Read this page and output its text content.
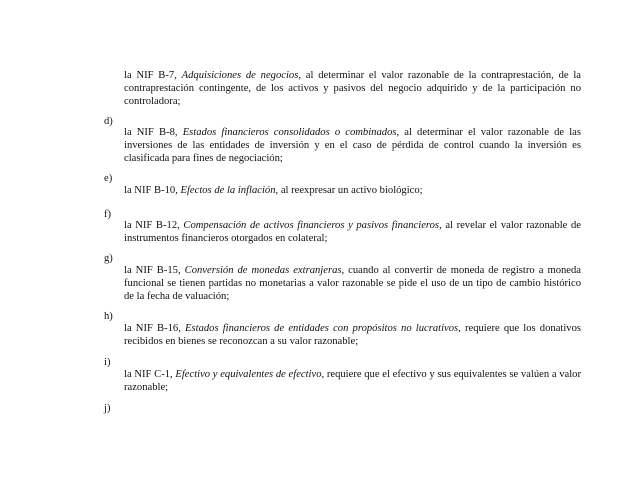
la NIF B-7, Adquisiciones de negocios, al determinar el valor razonable de la contraprestación, de la contraprestación contingente, de los activos y pasivos del negocio adquirido y de la participación no controladora;
d)
la NIF B-8, Estados financieros consolidados o combinados, al determinar el valor razonable de las inversiones de las entidades de inversión y en el caso de pérdida de control cuando la inversión es clasificada para fines de negociación;
e)
la NIF B-10, Efectos de la inflación, al reexpresar un activo biológico;
f)
la NIF B-12, Compensación de activos financieros y pasivos financieros, al revelar el valor razonable de instrumentos financieros otorgados en colateral;
g)
la NIF B-15, Conversión de monedas extranjeras, cuando al convertir de moneda de registro a moneda funcional se tienen partidas no monetarias a valor razonable se pide el uso de un tipo de cambio histórico de la fecha de valuación;
h)
la NIF B-16, Estados financieros de entidades con propósitos no lucrativos, requiere que los donativos recibidos en bienes se reconozcan a su valor razonable;
i)
la NIF C-1, Efectivo y equivalentes de efectivo, requiere que el efectivo y sus equivalentes se valúen a valor razonable;
j)
